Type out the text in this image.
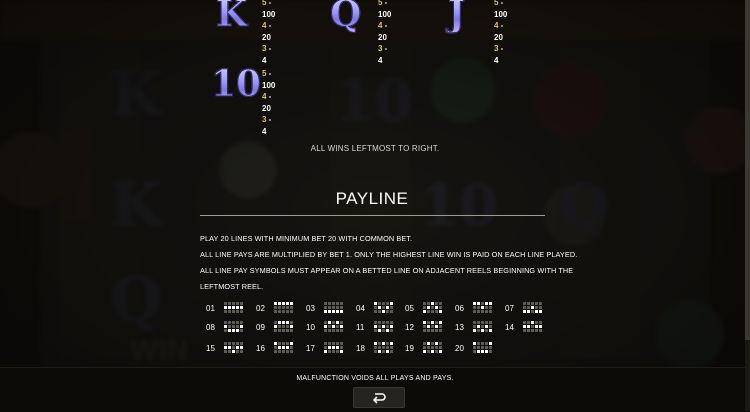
K 5 - 100
4 - 20
3 - 4
Q 5 - 100
4 - 20
3 - 4
J	5 - 100
4 - 20
3 - 4
10 5 - 100
4 - 20
3 - 4
ALL WINS LEFTMOST TO RIGHT.
PAYLINE
PLAY 20 LINES WITH MINIMUM BET 20 WITH COMMON BET.
ALL LINE PAYS ARE MULTIPLIED BY BET 1. ONLY THE HIGHEST LINE WIN IS PAID ON EACH LINE PLAYED.
ALL LINE PAY SYMBOLS MUST APPEAR ON A BETTED LINE ON ADJACENT REELS BEGINNING WITH THE
LEFTMOST REEL.
01	02	03	04	05	06	07
08	09	10	11	12	13	14
15	16	17	18	19	20
MALFUNCTION VOIDS ALL PLAYS AND PAYS.
